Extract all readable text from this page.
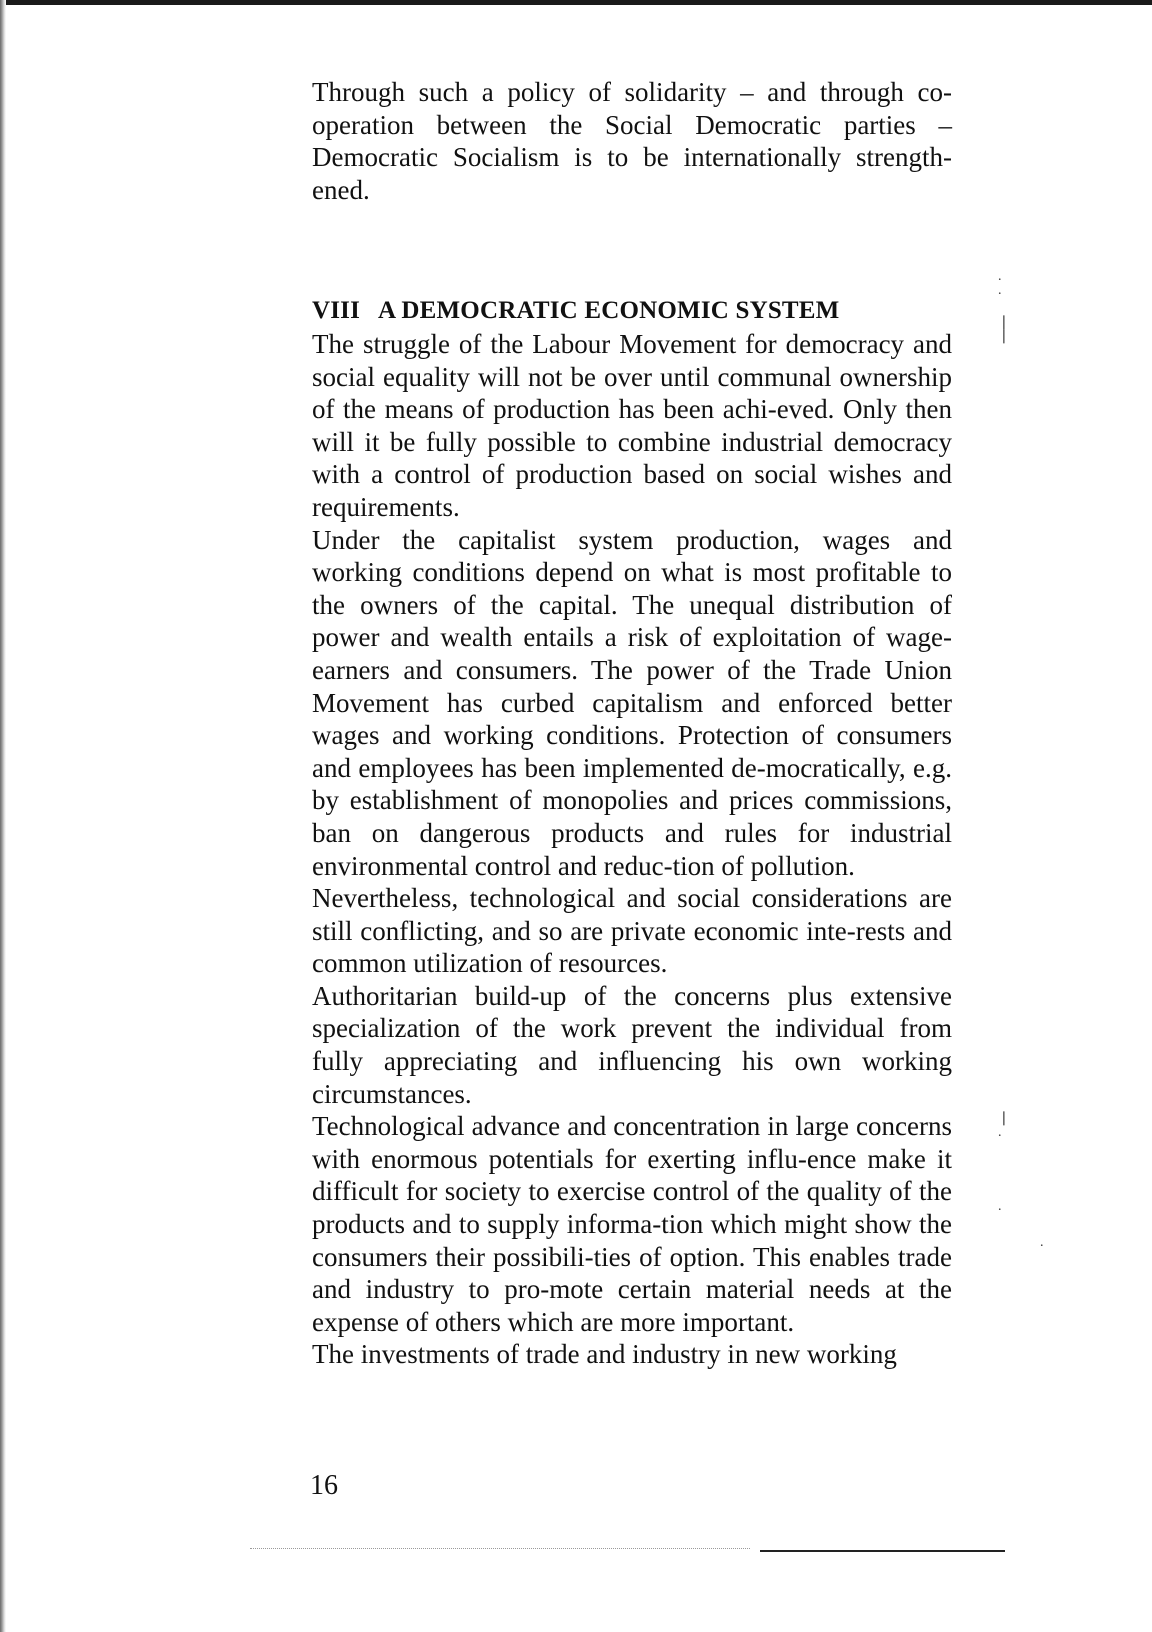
Through such a policy of solidarity – and through co-operation between the Social Democratic parties – Democratic Socialism is to be internationally strength-ened.

VIII A DEMOCRATIC ECONOMIC SYSTEM

The struggle of the Labour Movement for democracy and social equality will not be over until communal ownership of the means of production has been achi-eved. Only then will it be fully possible to combine industrial democracy with a control of production based on social wishes and requirements.

Under the capitalist system production, wages and working conditions depend on what is most profitable to the owners of the capital. The unequal distribution of power and wealth entails a risk of exploitation of wage-earners and consumers. The power of the Trade Union Movement has curbed capitalism and enforced better wages and working conditions. Protection of consumers and employees has been implemented de-mocratically, e.g. by establishment of monopolies and prices commissions, ban on dangerous products and rules for industrial environmental control and reduc-tion of pollution.

Nevertheless, technological and social considerations are still conflicting, and so are private economic inte-rests and common utilization of resources.

Authoritarian build-up of the concerns plus extensive specialization of the work prevent the individual from fully appreciating and influencing his own working circumstances.

Technological advance and concentration in large concerns with enormous potentials for exerting influ-ence make it difficult for society to exercise control of the quality of the products and to supply informa-tion which might show the consumers their possibili-ties of option. This enables trade and industry to pro-mote certain material needs at the expense of others which are more important.

The investments of trade and industry in new working

16
.
.
❘
❘
❘
.
.
.
